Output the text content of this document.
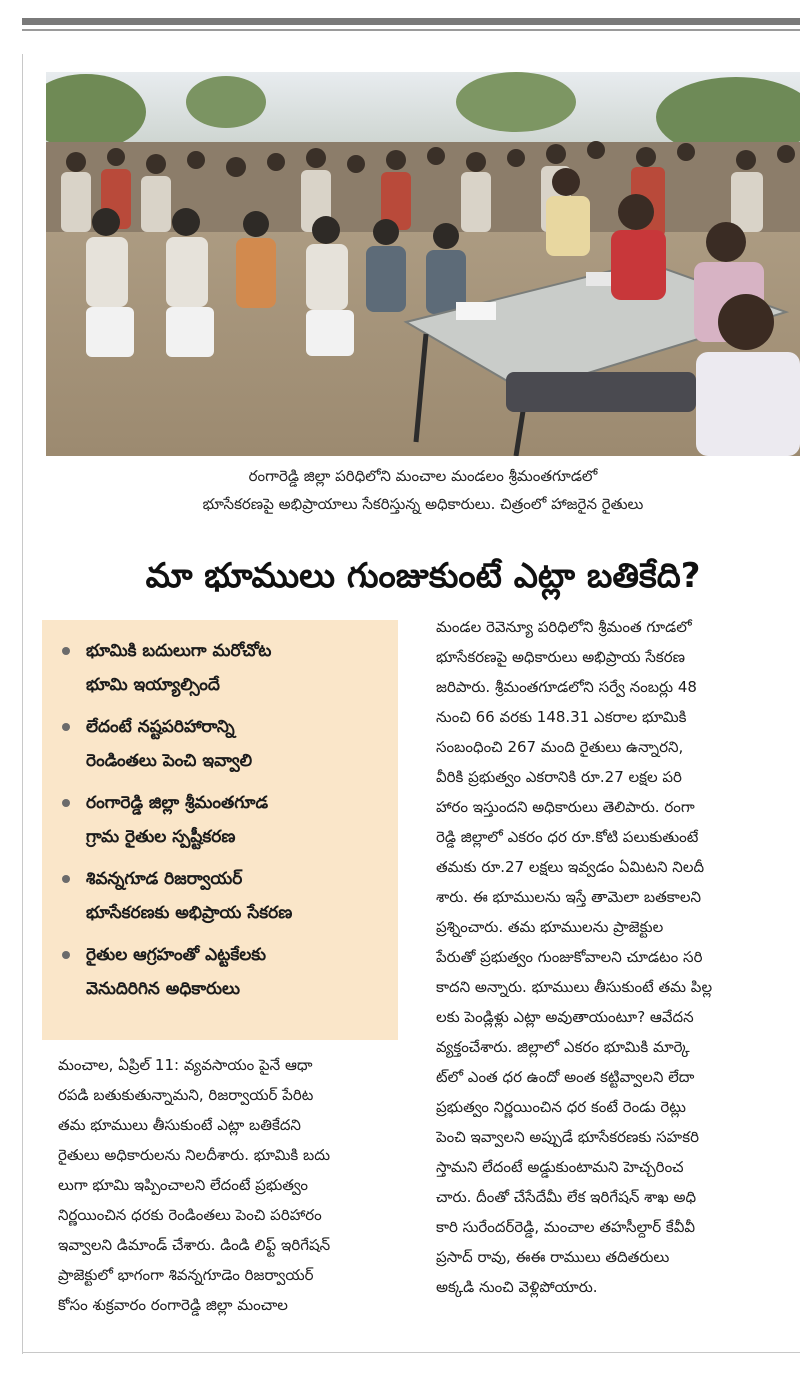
రంగారెడ్డి జిల్లా పరిధిలోని మంచాల మండలం శ్రీమంతగూడలో
భూసేకరణపై అభిప్రాయాలు సేకరిస్తున్న అధికారులు. చిత్రంలో హాజరైన రైతులు
మా భూములు గుంజుకుంటే ఎట్లా బతికేది?
భూమికి బదులుగా మరోచోట
భూమి ఇయ్యాల్సిందే
లేదంటే నష్టపరిహారాన్ని
రెండింతలు పెంచి ఇవ్వాలి
రంగారెడ్డి జిల్లా శ్రీమంతగూడ
గ్రామ రైతుల స్పష్టీకరణ
శివన్నగూడ రిజర్వాయర్
భూసేకరణకు అభిప్రాయ సేకరణ
రైతుల ఆగ్రహంతో ఎట్టకేలకు
వెనుదిరిగిన అధికారులు
మంచాల, ఏప్రిల్ 11: వ్యవసాయం పైనే ఆధా
రపడి బతుకుతున్నామని, రిజర్వాయర్ పేరిట
తమ భూములు తీసుకుంటే ఎట్లా బతికేదని
రైతులు అధికారులను నిలదీశారు. భూమికి బదు
లుగా భూమి ఇప్పించాలని లేదంటే ప్రభుత్వం
నిర్ణయించిన ధరకు రెండింతలు పెంచి పరిహారం
ఇవ్వాలని డిమాండ్ చేశారు. డిండి లిఫ్ట్ ఇరిగేషన్
ప్రాజెక్టులో భాగంగా శివన్నగూడెం రిజర్వాయర్
కోసం శుక్రవారం రంగారెడ్డి జిల్లా మంచాల
మండల రెవెన్యూ పరిధిలోని శ్రీమంత గూడలో
భూసేకరణపై అధికారులు అభిప్రాయ సేకరణ
జరిపారు. శ్రీమంతగూడలోని సర్వే నంబర్లు 48
నుంచి 66 వరకు 148.31 ఎకరాల భూమికి
సంబంధించి 267 మంది రైతులు ఉన్నారని,
వీరికి ప్రభుత్వం ఎకరానికి రూ.27 లక్షల పరి
హారం ఇస్తుందని అధికారులు తెలిపారు. రంగా
రెడ్డి జిల్లాలో ఎకరం ధర రూ.కోటి పలుకుతుంటే
తమకు రూ.27 లక్షలు ఇవ్వడం ఏమిటని నిలదీ
శారు. ఈ భూములను ఇస్తే తామెలా బతకాలని
ప్రశ్నించారు. తమ భూములను ప్రాజెక్టుల
పేరుతో ప్రభుత్వం గుంజుకోవాలని చూడటం సరి
కాదని అన్నారు. భూములు తీసుకుంటే తమ పిల్ల
లకు పెండ్లిళ్లు ఎట్లా అవుతాయంటూ? ఆవేదన
వ్యక్తంచేశారు. జిల్లాలో ఎకరం భూమికి మార్కె
ట్‌లో ఎంత ధర ఉందో అంత కట్టివ్వాలని లేదా
ప్రభుత్వం నిర్ణయించిన ధర కంటే రెండు రెట్లు
పెంచి ఇవ్వాలని అప్పుడే భూసేకరణకు సహకరి
స్తామని లేదంటే అడ్డుకుంటామని హెచ్చరించ
చారు. దీంతో చేసేదేమీ లేక ఇరిగేషన్ శాఖ అధి
కారి సురేందర్‌రెడ్డి, మంచాల తహసీల్దార్ కేవీవీ
ప్రసాద్ రావు, ఈఈ రాములు తదితరులు
అక్కడి నుంచి వెళ్లిపోయారు.
